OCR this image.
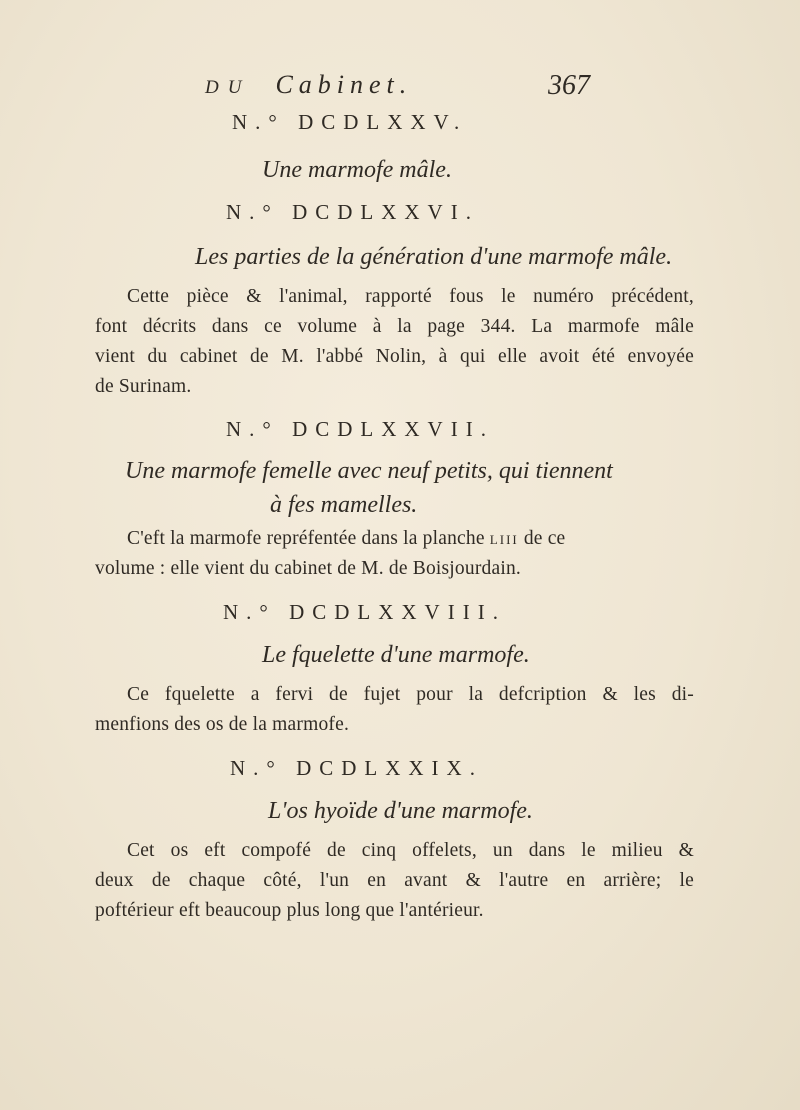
DU Cabinet.	367
N.° DCDLXXV.
Une marmofe mâle.
N.° DCDLXXVI.
Les parties de la génération d'une marmofe mâle.
Cette pièce & l'animal, rapporté fous le numéro précédent,
font décrits dans ce volume à la page 344. La marmofe mâle
vient du cabinet de M. l'abbé Nolin, à qui elle avoit été envoyée
de Surinam.
N.° DCDLXXVII.
Une marmofe femelle avec neuf petits, qui tiennent
à fes mamelles.
C'eft la marmofe repréfentée dans la planche LIII de ce
volume : elle vient du cabinet de M. de Boisjourdain.
N.° DCDLXXVIII.
Le fquelette d'une marmofe.
Ce fquelette a fervi de fujet pour la defcription & les di-
menfions des os de la marmofe.
N.° DCDLXXIX.
L'os hyoïde d'une marmofe.
Cet os eft compofé de cinq offelets, un dans le milieu &
deux de chaque côté, l'un en avant & l'autre en arrière; le
poftérieur eft beaucoup plus long que l'antérieur.
